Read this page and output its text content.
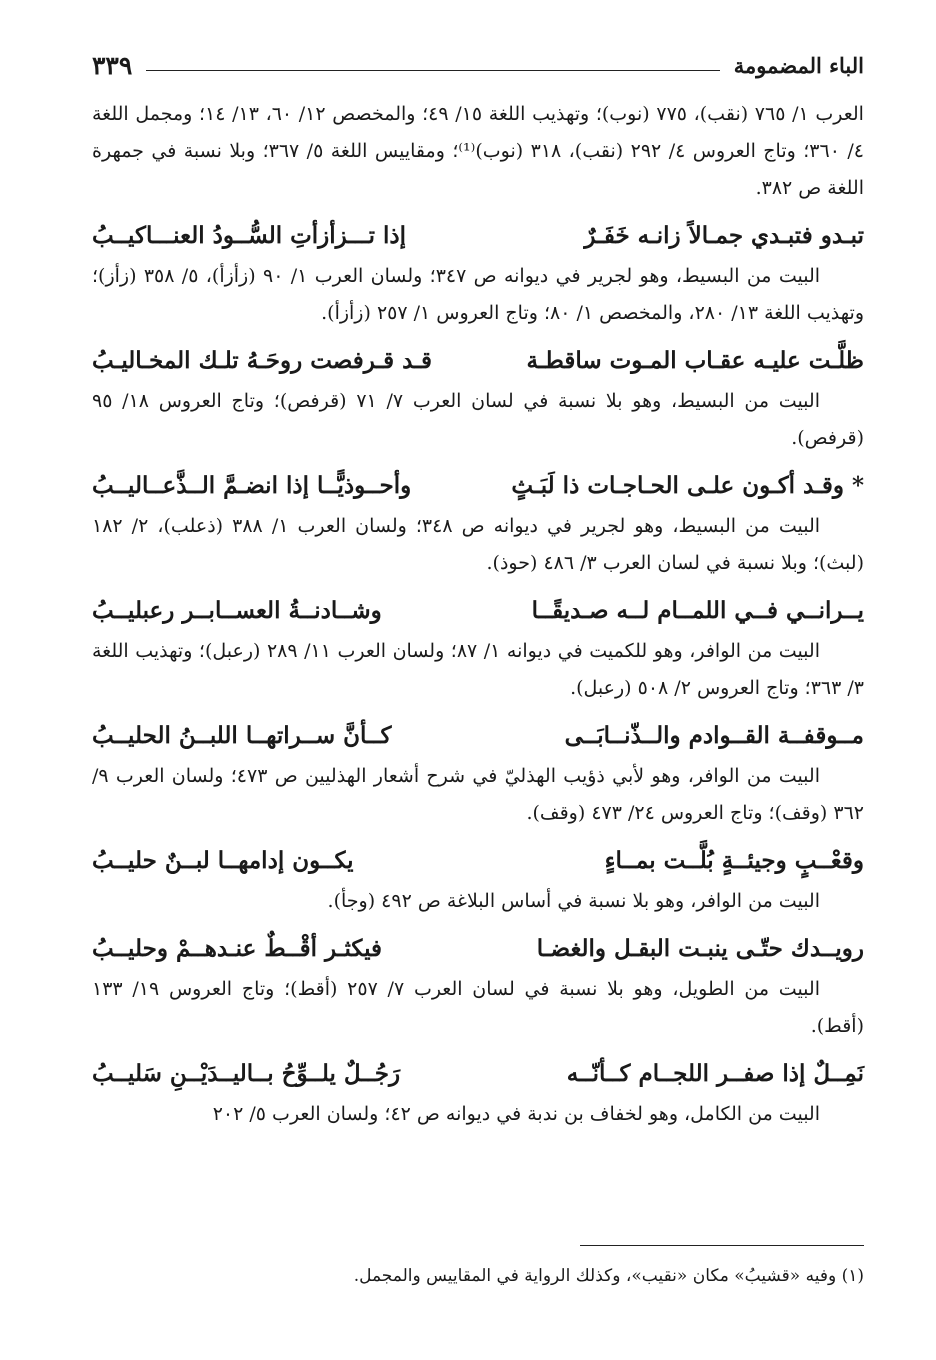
الباء المضمومة
٣٣٩

العرب ١/ ٧٦٥ (نقب)، ٧٧٥ (نوب)؛ وتهذيب اللغة ١٥/ ٤٩؛ والمخصص ١٢/ ٦٠، ١٣/ ١٤؛ ومجمل اللغة ٤/ ٣٦٠؛ وتاج العروس ٤/ ٢٩٢ (نقب)، ٣١٨ (نوب)⁽¹⁾؛ ومقاييس اللغة ٥/ ٣٦٧؛ وبلا نسبة في جمهرة اللغة ص ٣٨٢.

تبـدو فتبـدي جمـالاً زانـه خَفَـرٌ
إذا تـــزأزأتِ السُّــودُ العنـــاكيــبُ

البيت من البسيط، وهو لجرير في ديوانه ص ٣٤٧؛ ولسان العرب ١/ ٩٠ (زأزأ)، ٥/ ٣٥٨ (زأز)؛ وتهذيب اللغة ١٣/ ٢٨٠، والمخصص ١/ ٨٠؛ وتاج العروس ١/ ٢٥٧ (زأزأ).

ظلَّـت عليـه عقـاب المـوت ساقطـة
قـد قـرفصت روحَـهُ تلـك المخـاليـبُ

البيت من البسيط، وهو بلا نسبة في لسان العرب ٧/ ٧١ (قرفص)؛ وتاج العروس ١٨/ ٩٥ (قرفص).

* وقـد أكـون علـى الحـاجـات ذا لَبَـثٍ
وأحــوذيًّــا إذا انضـمَّ الــذَّعــاليــبُ

البيت من البسيط، وهو لجرير في ديوانه ص ٣٤٨؛ ولسان العرب ١/ ٣٨٨ (ذعلب)، ٢/ ١٨٢ (لبث)؛ وبلا نسبة في لسان العرب ٣/ ٤٨٦ (حوذ).

يــرانــي فــي اللمــام لــه صـديقًــا
وشــادنــةُ العســابــر رعبليــبُ

البيت من الوافر، وهو للكميت في ديوانه ١/ ٨٧؛ ولسان العرب ١١/ ٢٨٩ (رعبل)؛ وتهذيب اللغة ٣/ ٣٦٣؛ وتاج العروس ٢/ ٥٠٨ (رعبل).

مــوقفــة القــوادم والــذّنــابَــى
كــأنَّ ســراتهــا اللبــنُ الحليــبُ

البيت من الوافر، وهو لأبي ذؤيب الهذليّ في شرح أشعار الهذليين ص ٤٧٣؛ ولسان العرب ٩/ ٣٦٢ (وقف)؛ وتاج العروس ٢٤/ ٤٧٣ (وقف).

وقعْــبٍ وجيئــةٍ بُلَّــت بمــاءٍ
يكــون إدامهــا لبــنٌ حليــبُ

البيت من الوافر، وهو بلا نسبة في أساس البلاغة ص ٤٩٢ (وجأ).

رويــدك حتّـى ينبـت البقـل والغضـا
فيكثـر أقْــطٌ عنـدهــمْ وحليــبُ

البيت من الطويل، وهو بلا نسبة في لسان العرب ٧/ ٢٥٧ (أقط)؛ وتاج العروس ١٩/ ١٣٣ (أقط).

نَمِــلٌ إذا صفــر اللجــام كــأنّــه
رَجُــلٌ يلــوِّحُ بــاليــدَيْــنِ سَليــبُ

البيت من الكامل، وهو لخفاف بن ندبة في ديوانه ص ٤٢؛ ولسان العرب ٥/ ٢٠٢

(١) وفيه «قشيبُ» مكان «نقيب»، وكذلك الرواية في المقاييس والمجمل.
